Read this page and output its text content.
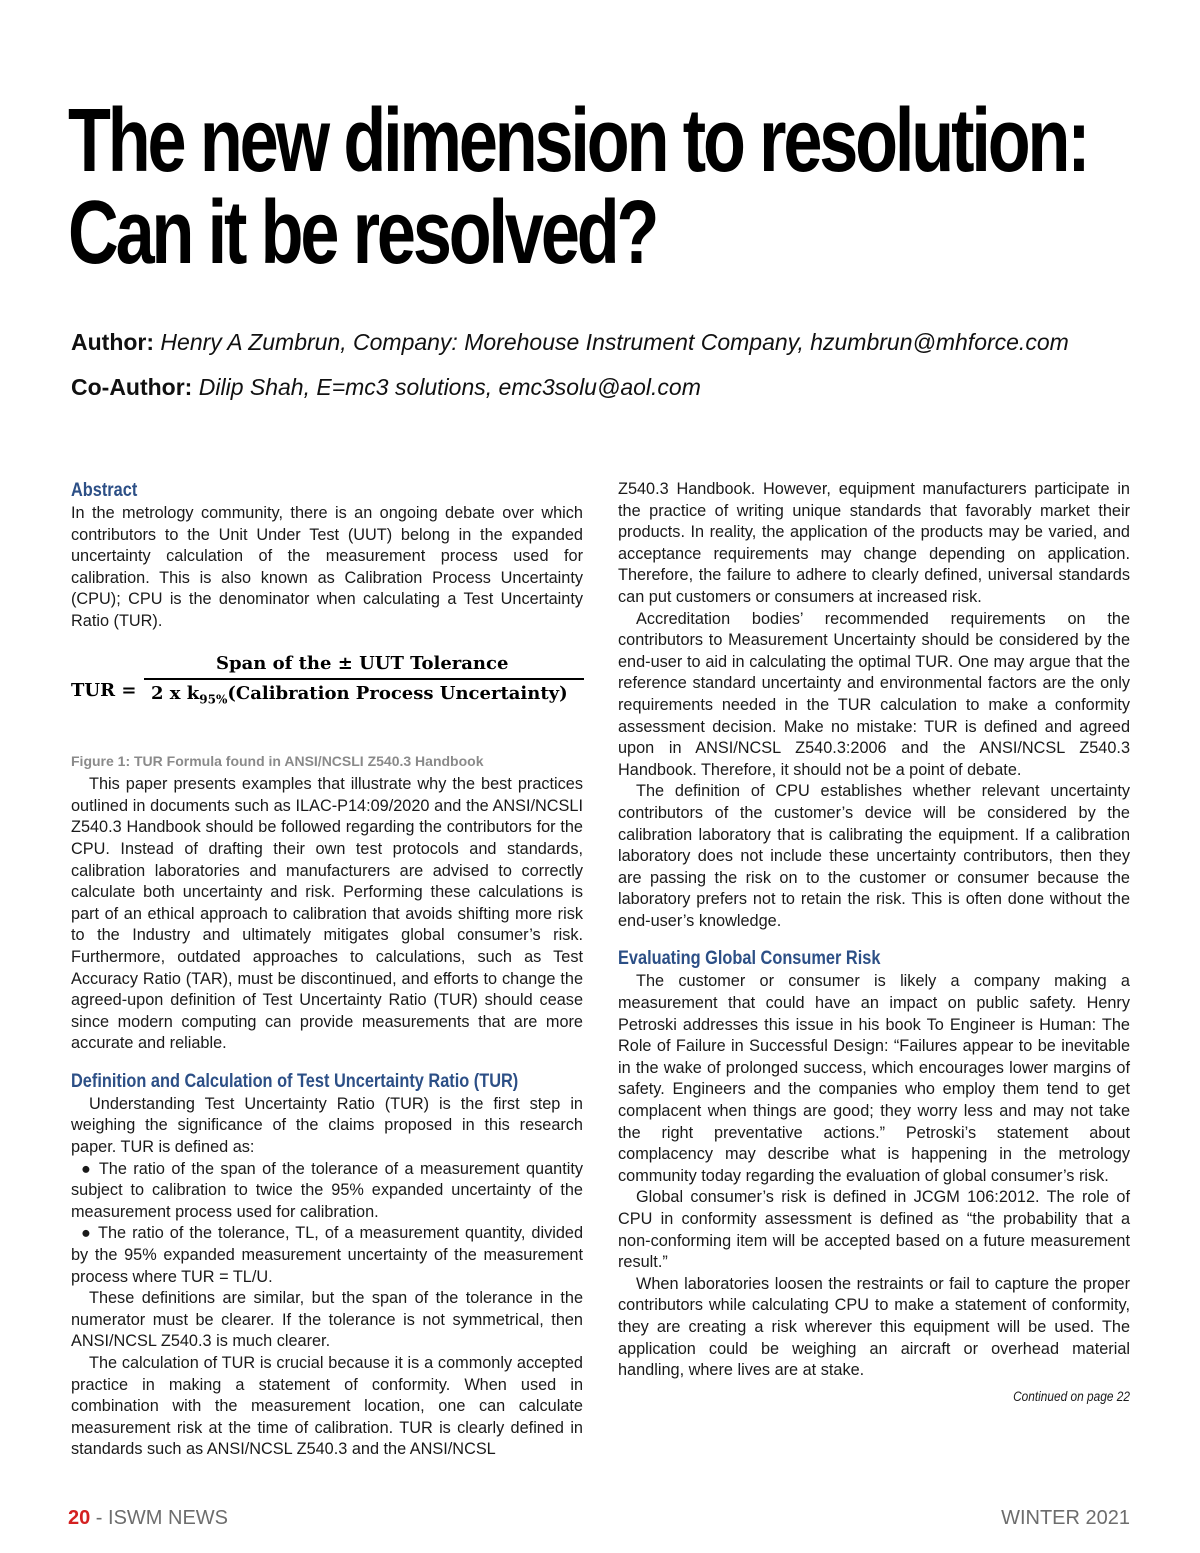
The new dimension to resolution:
Can it be resolved?
Author: Henry A Zumbrun, Company: Morehouse Instrument Company, hzumbrun@mhforce.com
Co-Author: Dilip Shah, E=mc3 solutions, emc3solu@aol.com
Abstract

In the metrology community, there is an ongoing debate over which contributors to the Unit Under Test (UUT) belong in the expanded uncertainty calculation of the measurement process used for calibration. This is also known as Calibration Process Uncertainty (CPU); CPU is the denominator when calculating a Test Uncertainty Ratio (TUR).

TUR =
Span of the ± UUT Tolerance
2 x $k_{95\%}(Calibration$ Process Uncertainty)
Figure 1: TUR Formula found in ANSI/NCSLI Z540.3 Handbook

This paper presents examples that illustrate why the best practices outlined in documents such as ILAC-P14:09/2020 and the ANSI/NCSLI Z540.3 Handbook should be followed regarding the contributors for the CPU. Instead of drafting their own test protocols and standards, calibration laboratories and manufacturers are advised to correctly calculate both uncertainty and risk. Performing these calculations is part of an ethical approach to calibration that avoids shifting more risk to the Industry and ultimately mitigates global consumer’s risk. Furthermore, outdated approaches to calculations, such as Test Accuracy Ratio (TAR), must be discontinued, and efforts to change the agreed-upon definition of Test Uncertainty Ratio (TUR) should cease since modern computing can provide measurements that are more accurate and reliable.

Definition and Calculation of Test Uncertainty Ratio (TUR)

Understanding Test Uncertainty Ratio (TUR) is the first step in weighing the significance of the claims proposed in this research paper. TUR is defined as:

● The ratio of the span of the tolerance of a measurement quantity subject to calibration to twice the 95% expanded uncertainty of the measurement process used for calibration.

● The ratio of the tolerance, TL, of a measurement quantity, divided by the 95% expanded measurement uncertainty of the measurement process where TUR = TL/U.

These definitions are similar, but the span of the tolerance in the numerator must be clearer. If the tolerance is not symmetrical, then ANSI/NCSL Z540.3 is much clearer.

The calculation of TUR is crucial because it is a commonly accepted practice in making a statement of conformity. When used in combination with the measurement location, one can calculate measurement risk at the time of calibration. TUR is clearly defined in standards such as ANSI/NCSL Z540.3 and the ANSI/NCSL

Z540.3 Handbook. However, equipment manufacturers participate in the practice of writing unique standards that favorably market their products. In reality, the application of the products may be varied, and acceptance requirements may change depending on application. Therefore, the failure to adhere to clearly defined, universal standards can put customers or consumers at increased risk.

Accreditation bodies’ recommended requirements on the contributors to Measurement Uncertainty should be considered by the end-user to aid in calculating the optimal TUR. One may argue that the reference standard uncertainty and environmental factors are the only requirements needed in the TUR calculation to make a conformity assessment decision. Make no mistake: TUR is defined and agreed upon in ANSI/NCSL Z540.3:2006 and the ANSI/NCSL Z540.3 Handbook. Therefore, it should not be a point of debate.

The definition of CPU establishes whether relevant uncertainty contributors of the customer’s device will be considered by the calibration laboratory that is calibrating the equipment. If a calibration laboratory does not include these uncertainty contributors, then they are passing the risk on to the customer or consumer because the laboratory prefers not to retain the risk. This is often done without the end-user’s knowledge.

Evaluating Global Consumer Risk

The customer or consumer is likely a company making a measurement that could have an impact on public safety. Henry Petroski addresses this issue in his book To Engineer is Human: The Role of Failure in Successful Design: “Failures appear to be inevitable in the wake of prolonged success, which encourages lower margins of safety. Engineers and the companies who employ them tend to get complacent when things are good; they worry less and may not take the right preventative actions.” Petroski’s statement about complacency may describe what is happening in the metrology community today regarding the evaluation of global consumer’s risk.

Global consumer’s risk is defined in JCGM 106:2012. The role of CPU in conformity assessment is defined as “the probability that a non-conforming item will be accepted based on a future measurement result.”

When laboratories loosen the restraints or fail to capture the proper contributors while calculating CPU to make a statement of conformity, they are creating a risk wherever this equipment will be used. The application could be weighing an aircraft or overhead material handling, where lives are at stake.

Continued on page 22
20 - ISWM NEWS	WINTER 2021
